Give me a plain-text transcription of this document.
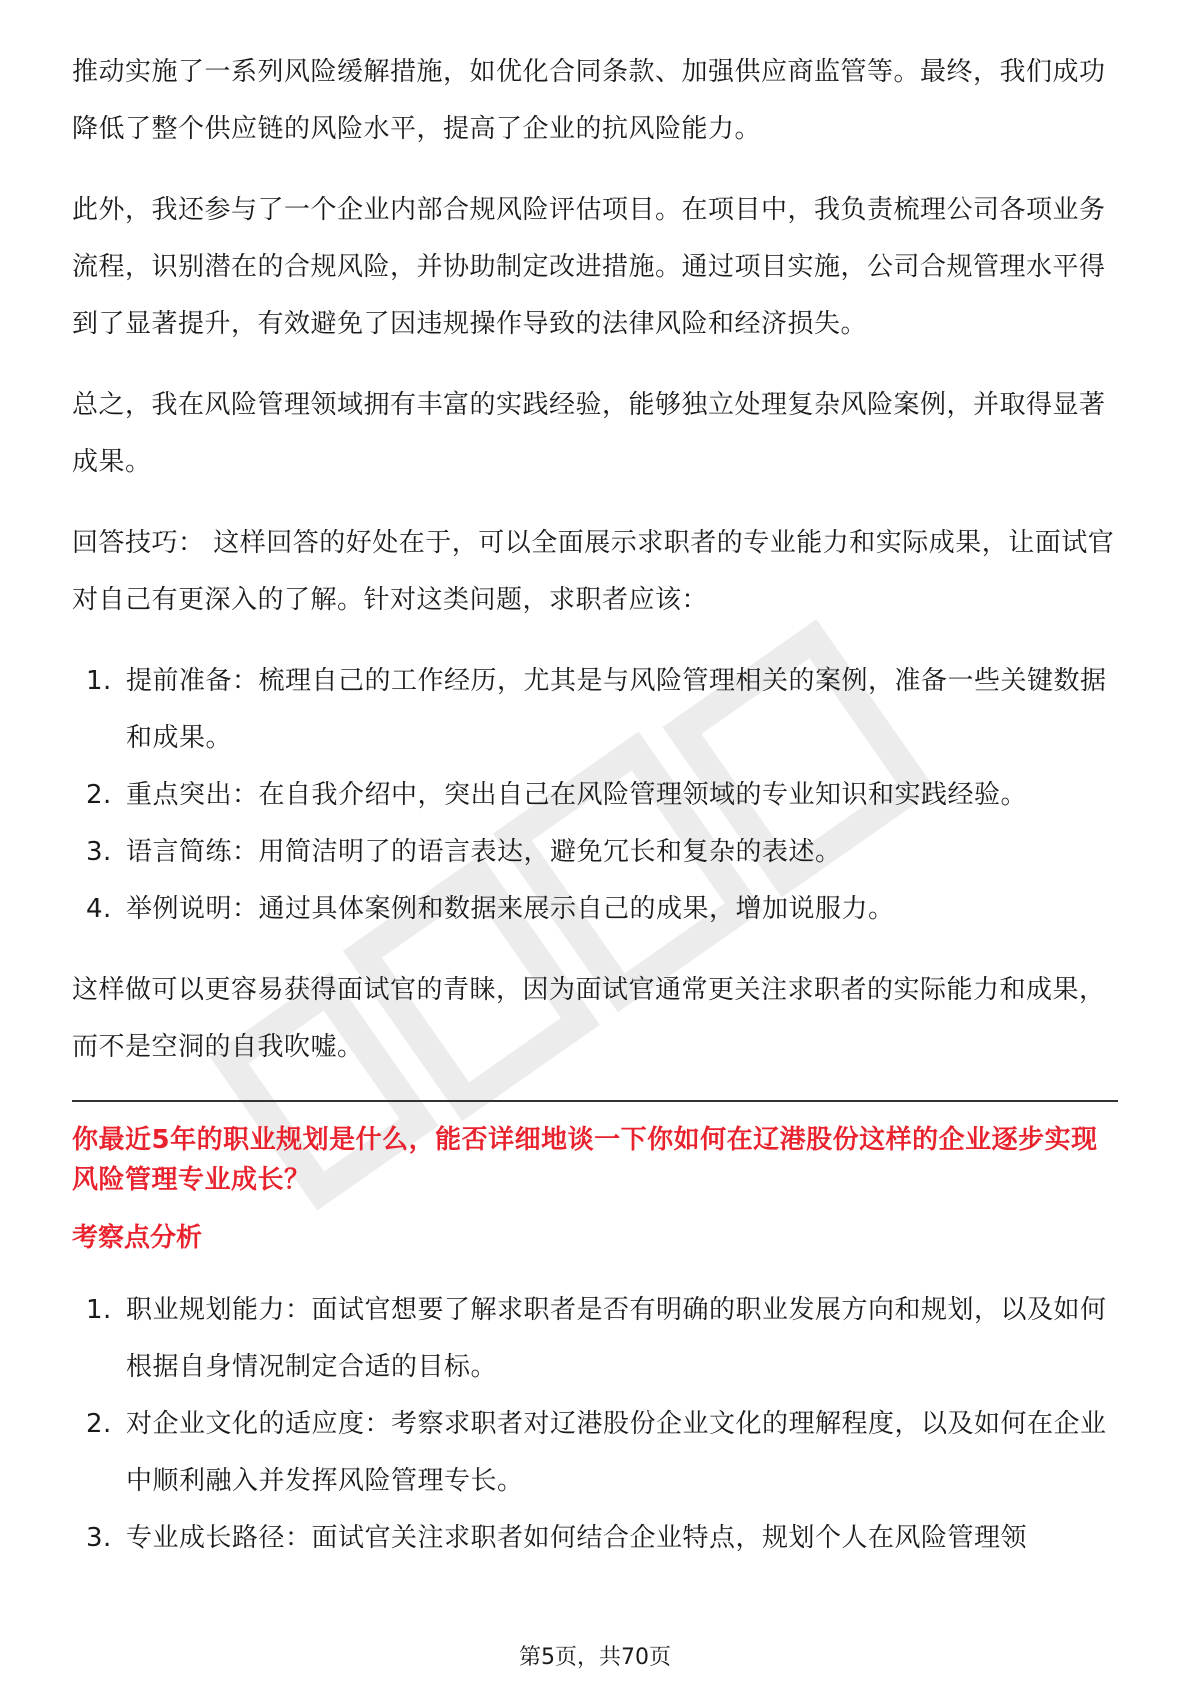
推动实施了一系列风险缓解措施，如优化合同条款、加强供应商监管等。最终，我们成功降低了整个供应链的风险水平，提高了企业的抗风险能力。

此外，我还参与了一个企业内部合规风险评估项目。在项目中，我负责梳理公司各项业务流程，识别潜在的合规风险，并协助制定改进措施。通过项目实施，公司合规管理水平得到了显著提升，有效避免了因违规操作导致的法律风险和经济损失。

总之，我在风险管理领域拥有丰富的实践经验，能够独立处理复杂风险案例，并取得显著成果。

回答技巧： 这样回答的好处在于，可以全面展示求职者的专业能力和实际成果，让面试官对自己有更深入的了解。针对这类问题，求职者应该：

1. 提前准备：梳理自己的工作经历，尤其是与风险管理相关的案例，准备一些关键数据和成果。
2. 重点突出：在自我介绍中，突出自己在风险管理领域的专业知识和实践经验。
3. 语言简练：用简洁明了的语言表达，避免冗长和复杂的表述。
4. 举例说明：通过具体案例和数据来展示自己的成果，增加说服力。

这样做可以更容易获得面试官的青睐，因为面试官通常更关注求职者的实际能力和成果，而不是空洞的自我吹嘘。

你最近5年的职业规划是什么，能否详细地谈一下你如何在辽港股份这样的企业逐步实现风险管理专业成长？
考察点分析
1. 职业规划能力：面试官想要了解求职者是否有明确的职业发展方向和规划，以及如何根据自身情况制定合适的目标。
2. 对企业文化的适应度：考察求职者对辽港股份企业文化的理解程度，以及如何在企业中顺利融入并发挥风险管理专长。
3. 专业成长路径：面试官关注求职者如何结合企业特点，规划个人在风险管理领
第5页，共70页
